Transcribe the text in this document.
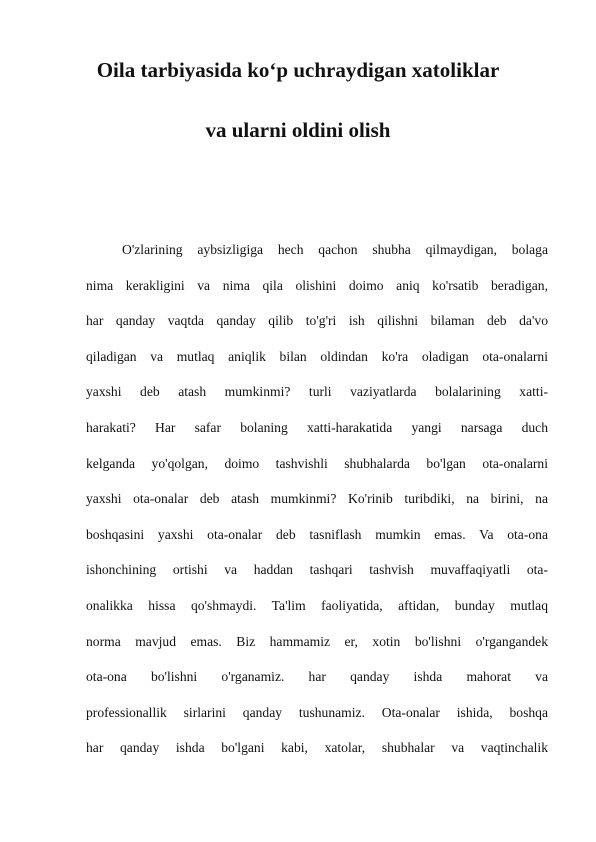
Oila tarbiyasida ko‘p uchraydigan xatoliklar
va ularni oldini olish
O'zlarining aybsizligiga hech qachon shubha qilmaydigan, bolaga
nima kerakligini va nima qila olishini doimo aniq ko'rsatib beradigan,
har qanday vaqtda qanday qilib to'g'ri ish qilishni bilaman deb da'vo
qiladigan va mutlaq aniqlik bilan oldindan ko'ra oladigan ota-onalarni
yaxshi deb atash mumkinmi? turli vaziyatlarda bolalarining xatti-
harakati? Har safar bolaning xatti-harakatida yangi narsaga duch
kelganda yo'qolgan, doimo tashvishli shubhalarda bo'lgan ota-onalarni
yaxshi ota-onalar deb atash mumkinmi? Ko'rinib turibdiki, na birini, na
boshqasini yaxshi ota-onalar deb tasniflash mumkin emas. Va ota-ona
ishonchining ortishi va haddan tashqari tashvish muvaffaqiyatli ota-
onalikka hissa qo'shmaydi. Ta'lim faoliyatida, aftidan, bunday mutlaq
norma mavjud emas. Biz hammamiz er, xotin bo'lishni o'rgangandek
ota-ona bo'lishni o'rganamiz. har qanday ishda mahorat va
professionallik sirlarini qanday tushunamiz. Ota-onalar ishida, boshqa
har qanday ishda bo'lgani kabi, xatolar, shubhalar va vaqtinchalik
